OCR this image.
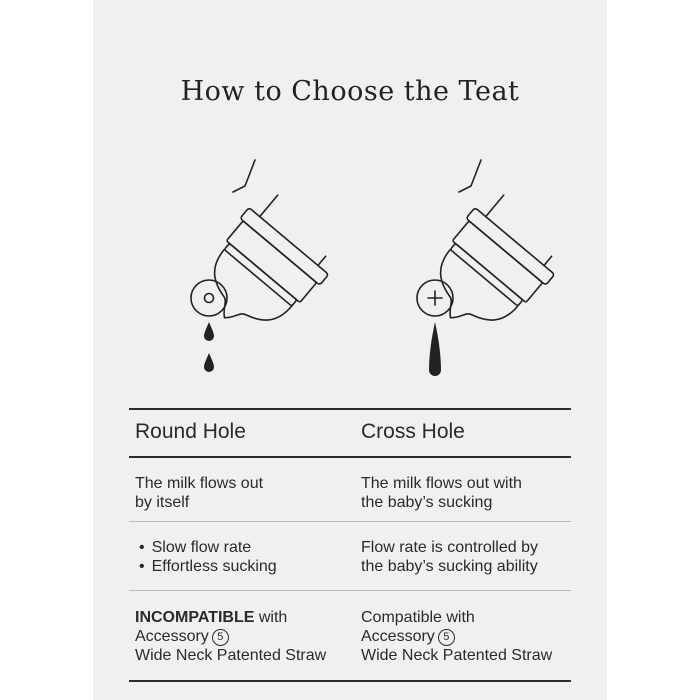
How to Choose the Teat
Round Hole
The milk flows out
by itself
• Slow flow rate
• Effortless sucking
INCOMPATIBLE with
Accessory 5
Wide Neck Patented Straw
Cross Hole
The milk flows out with
the baby’s sucking
Flow rate is controlled by
the baby’s sucking ability
Compatible with
Accessory 5
Wide Neck Patented Straw
